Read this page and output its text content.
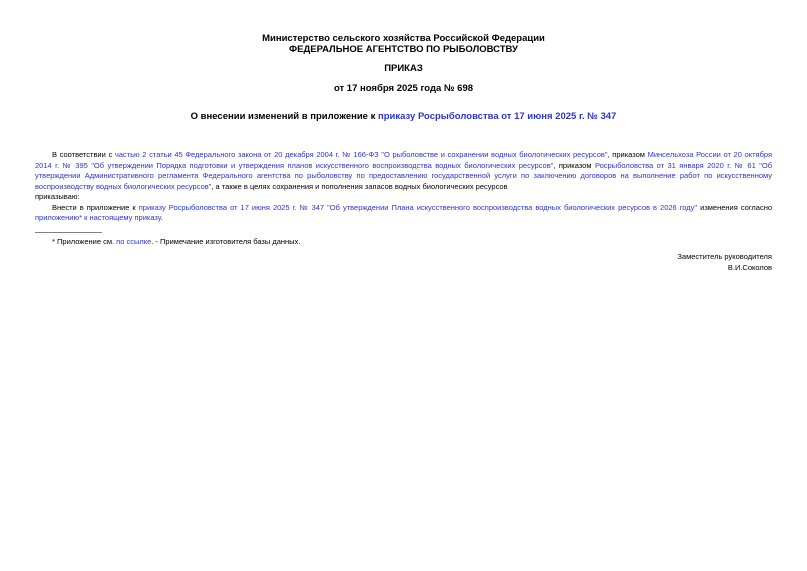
Министерство сельского хозяйства Российской Федерации
ФЕДЕРАЛЬНОЕ АГЕНТСТВО ПО РЫБОЛОВСТВУ
ПРИКАЗ
от 17 ноября 2025 года № 698
О внесении изменений в приложение к приказу Росрыболовства от 17 июня 2025 г. № 347
В соответствии с частью 2 статьи 45 Федерального закона от 20 декабря 2004 г. № 166-ФЗ "О рыболовстве и сохранении водных биологических ресурсов", приказом Минсельхоза России от 20 октября 2014 г. № 395 "Об утверждении Порядка подготовки и утверждения планов искусственного воспроизводства водных биологических ресурсов", приказом Росрыболовства от 31 января 2020 г. № 61 "Об утверждении Административного регламента Федерального агентства по рыболовству по предоставлению государственной услуги по заключению договоров на выполнение работ по искусственному воспроизводству водных биологических ресурсов", а также в целях сохранения и пополнения запасов водных биологических ресурсов
приказываю:
Внести в приложение к приказу Росрыболовства от 17 июня 2025 г. № 347 "Об утверждении Плана искусственного воспроизводства водных биологических ресурсов в 2026 году" изменения согласно приложению* к настоящему приказу.
* Приложение см. по ссылке. - Примечание изготовителя базы данных.
Заместитель руководителя
В.И.Соколов
